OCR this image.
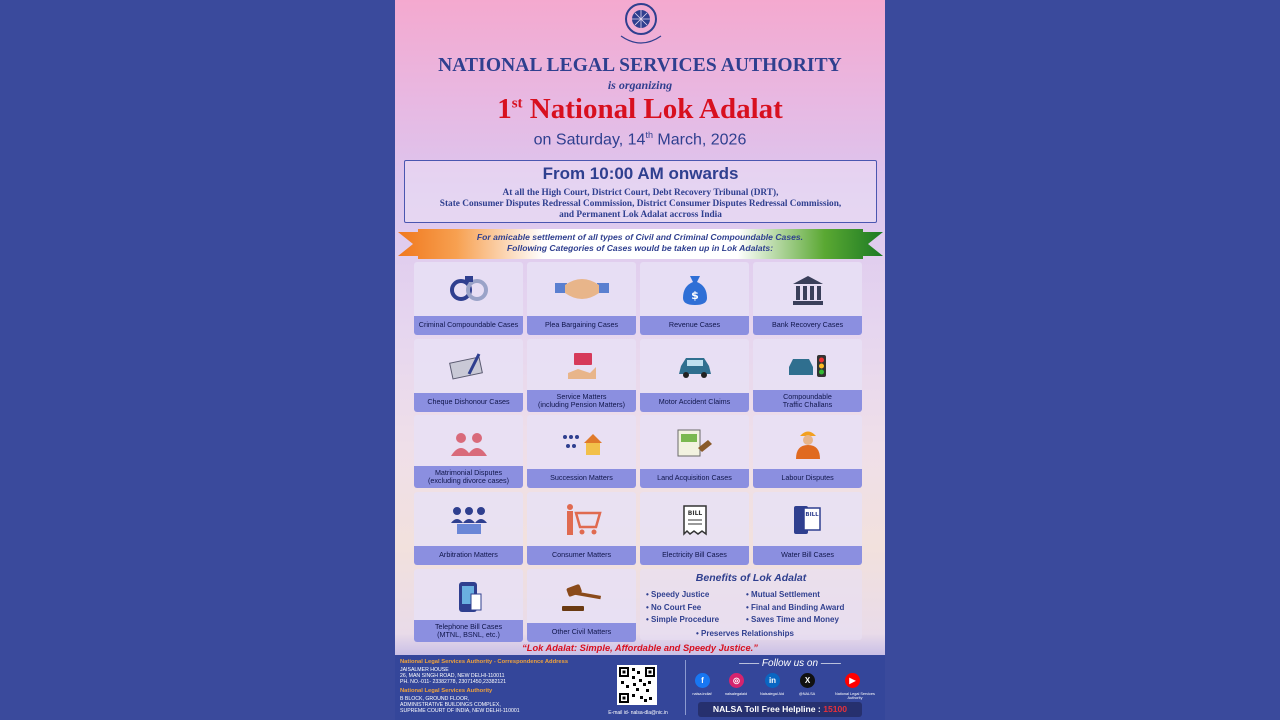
NATIONAL LEGAL SERVICES AUTHORITY
is organizing
1st National Lok Adalat
on Saturday, 14th March, 2026
From 10:00 AM onwards
At all the High Court, District Court, Debt Recovery Tribunal (DRT),
State Consumer Disputes Redressal Commission, District Consumer Disputes Redressal Commission,
and Permanent Lok Adalat accross India
For amicable settlement of all types of Civil and Criminal Compoundable Cases.
Following Categories of Cases would be taken up in Lok Adalats:
Criminal Compoundable Cases	Plea Bargaining Cases
$
Revenue Cases	Bank Recovery Cases
Cheque Dishonour Cases
Service Matters
(including Pension Matters)	Motor Accident Claims
Compoundable
Traffic Challans
Matrimonial Disputes
(excluding divorce cases)	Succession Matters	Land Acquisition Cases	Labour Disputes
Arbitration Matters	Consumer Matters
BILL
Electricity Bill Cases
BILL
Water Bill Cases
Telephone Bill Cases
(MTNL, BSNL, etc.)	Other Civil Matters
Benefits of Lok Adalat
• Speedy Justice
• No Court Fee
• Simple Procedure
• Mutual Settlement
• Final and Binding Award
• Saves Time and Money
• Preserves Relationships
“Lok Adalat: Simple, Affordable and Speedy Justice.”
National Legal Services Authority - Correspondence Address
JAISALMER HOUSE
26, MAN SINGH ROAD, NEW DELHI-110011
PH. NO.-011- 23382778, 23071450,23382121
National Legal Services Authority
B BLOCK, GROUND FLOOR,
ADMINISTRATIVE BUILDINGS COMPLEX,
SUPREME COURT OF INDIA, NEW DELHI-110001	E-mail id- nalsa-dla@nic.in
—— Follow us on ——
f
nalsa.indiaf
◎
nalsalegalaid
in
Nalsalegal Aid
X
@NALSA
▶
National Legal Services Authority
NALSA Toll Free Helpline : 15100
